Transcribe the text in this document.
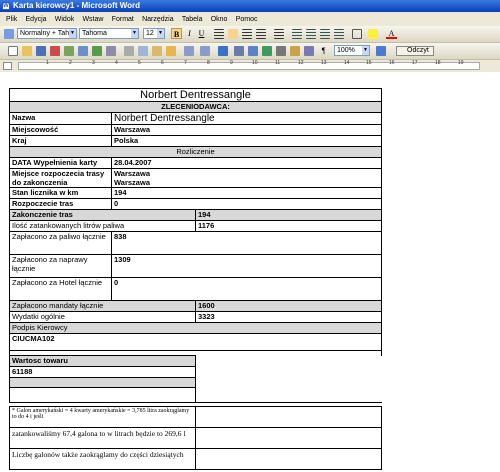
W Karta kierowcy1 - Microsoft Word
Plik Edycja Widok Wstaw Format Narzędzia Tabela Okno Pomoc
Normalny + Tah ▼	Tahoma	▼	12 ▼	B	I U	A
¶	100% ▼	Odczyt
1	2	3	4	5	6	7	8	9	10	11	12	13	14	15	16	17	18	19
Norbert Dentressangle		
ZLECENIODAWCA:		
Nazwa	Norbert Dentressangle	
Miejscowość	Warszawa	
Kraj	Polska	
Rozliczenie		
DATA Wypełnienia karty	28.04.2007	
Miejsce rozpoczecia trasy do zakonczenia	Warszawa
Warszawa	

Stan licznika w km	194	
Rozpoczecie tras	0	
Zakonczenie tras		194
Ilość zatankowanych litrów paliwa		1176
Zapłacono za paliwo łącznie	838	
Zapłacono za naprawy łącznie	1309	
Zapłacono za Hotel łącznie	0	
Zapłacono mandaty łącznie		1600
Wydatki ogólnie		3323
Podpis Kierowcy		
CIUCMA102		

Wartosc towaru		
61188		

* Galon amerykański = 4 kwarty amerykańskie = 3,785 litra zaokrąglamy to do 4 i jeśli	
zatankowaliśmy 67,4 galona to w litrach będzie to 269,6 l	
Liczbę galonów także zaokrąglamy do części dziesiątych	
